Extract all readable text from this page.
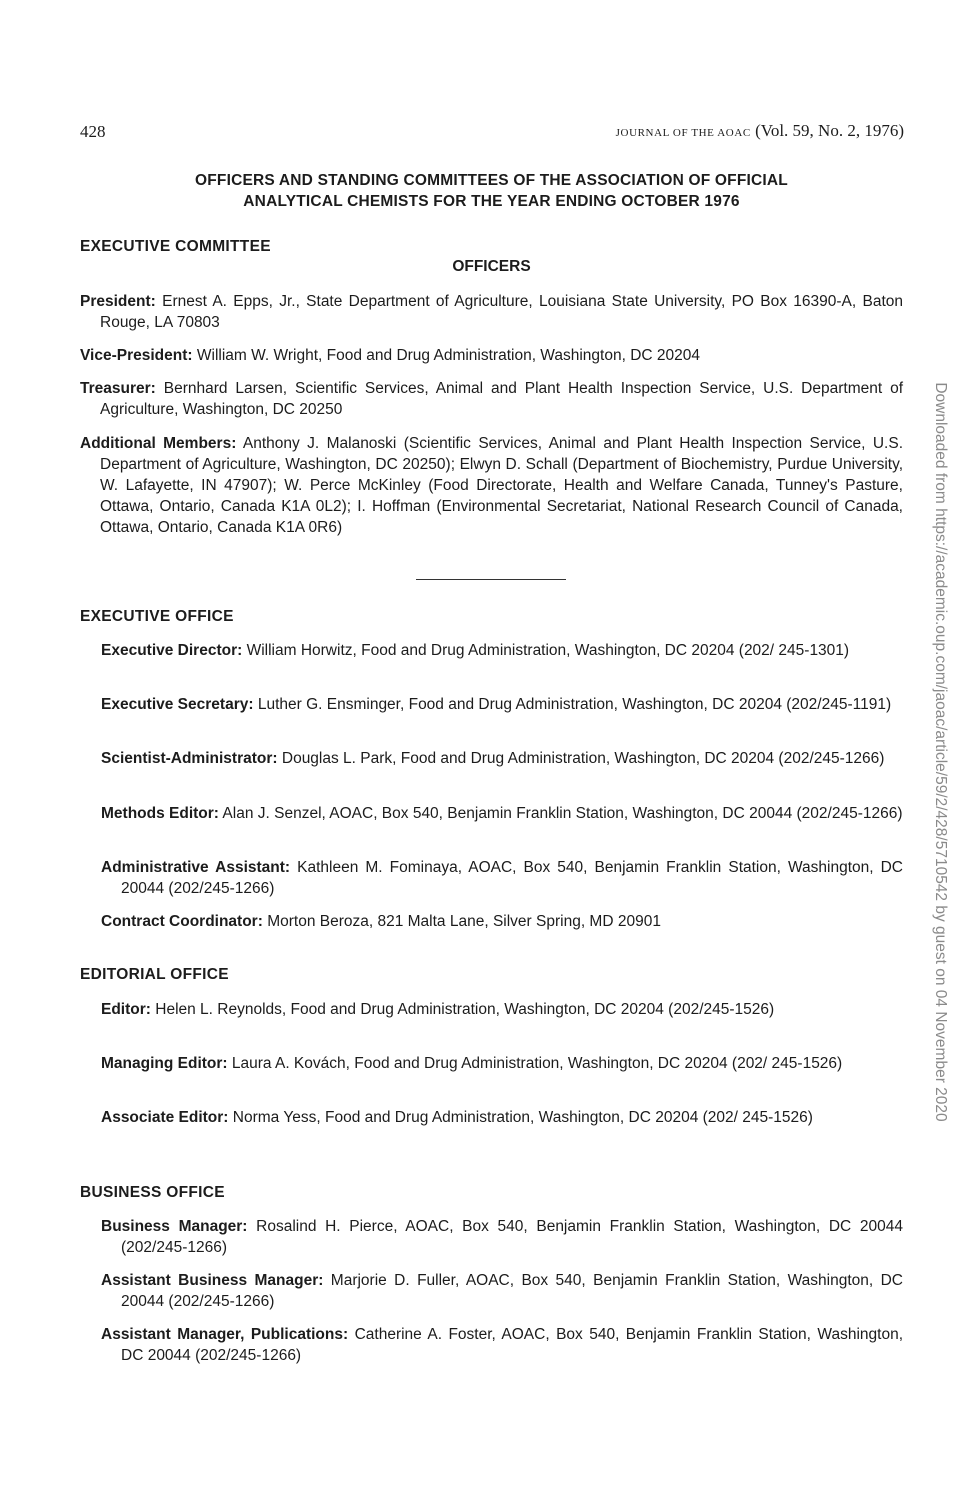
428	JOURNAL OF THE AOAC (Vol. 59, No. 2, 1976)
OFFICERS AND STANDING COMMITTEES OF THE ASSOCIATION OF OFFICIAL
ANALYTICAL CHEMISTS FOR THE YEAR ENDING OCTOBER 1976
EXECUTIVE COMMITTEE
OFFICERS
President: Ernest A. Epps, Jr., State Department of Agriculture, Louisiana State University, PO Box 16390-A, Baton Rouge, LA 70803
Vice-President: William W. Wright, Food and Drug Administration, Washington, DC 20204
Treasurer: Bernhard Larsen, Scientific Services, Animal and Plant Health Inspection Service, U.S. Department of Agriculture, Washington, DC 20250
Additional Members: Anthony J. Malanoski (Scientific Services, Animal and Plant Health Inspection Service, U.S. Department of Agriculture, Washington, DC 20250); Elwyn D. Schall (Department of Biochemistry, Purdue University, W. Lafayette, IN 47907); W. Perce McKinley (Food Directorate, Health and Welfare Canada, Tunney's Pasture, Ottawa, Ontario, Canada K1A 0L2); I. Hoffman (Environmental Secretariat, National Research Council of Canada, Ottawa, Ontario, Canada K1A 0R6)
EXECUTIVE OFFICE
Executive Director: William Horwitz, Food and Drug Administration, Washington, DC 20204 (202/ 245-1301)
Executive Secretary: Luther G. Ensminger, Food and Drug Administration, Washington, DC 20204 (202/245-1191)
Scientist-Administrator: Douglas L. Park, Food and Drug Administration, Washington, DC 20204 (202/245-1266)
Methods Editor: Alan J. Senzel, AOAC, Box 540, Benjamin Franklin Station, Washington, DC 20044 (202/245-1266)
Administrative Assistant: Kathleen M. Fominaya, AOAC, Box 540, Benjamin Franklin Station, Washington, DC 20044 (202/245-1266)
Contract Coordinator: Morton Beroza, 821 Malta Lane, Silver Spring, MD 20901
EDITORIAL OFFICE
Editor: Helen L. Reynolds, Food and Drug Administration, Washington, DC 20204 (202/245-1526)
Managing Editor: Laura A. Kovách, Food and Drug Administration, Washington, DC 20204 (202/ 245-1526)
Associate Editor: Norma Yess, Food and Drug Administration, Washington, DC 20204 (202/ 245-1526)
BUSINESS OFFICE
Business Manager: Rosalind H. Pierce, AOAC, Box 540, Benjamin Franklin Station, Washington, DC 20044 (202/245-1266)
Assistant Business Manager: Marjorie D. Fuller, AOAC, Box 540, Benjamin Franklin Station, Washington, DC 20044 (202/245-1266)
Assistant Manager, Publications: Catherine A. Foster, AOAC, Box 540, Benjamin Franklin Station, Washington, DC 20044 (202/245-1266)
Downloaded from https://academic.oup.com/jaoac/article/59/2/428/5710542 by guest on 04 November 2020
